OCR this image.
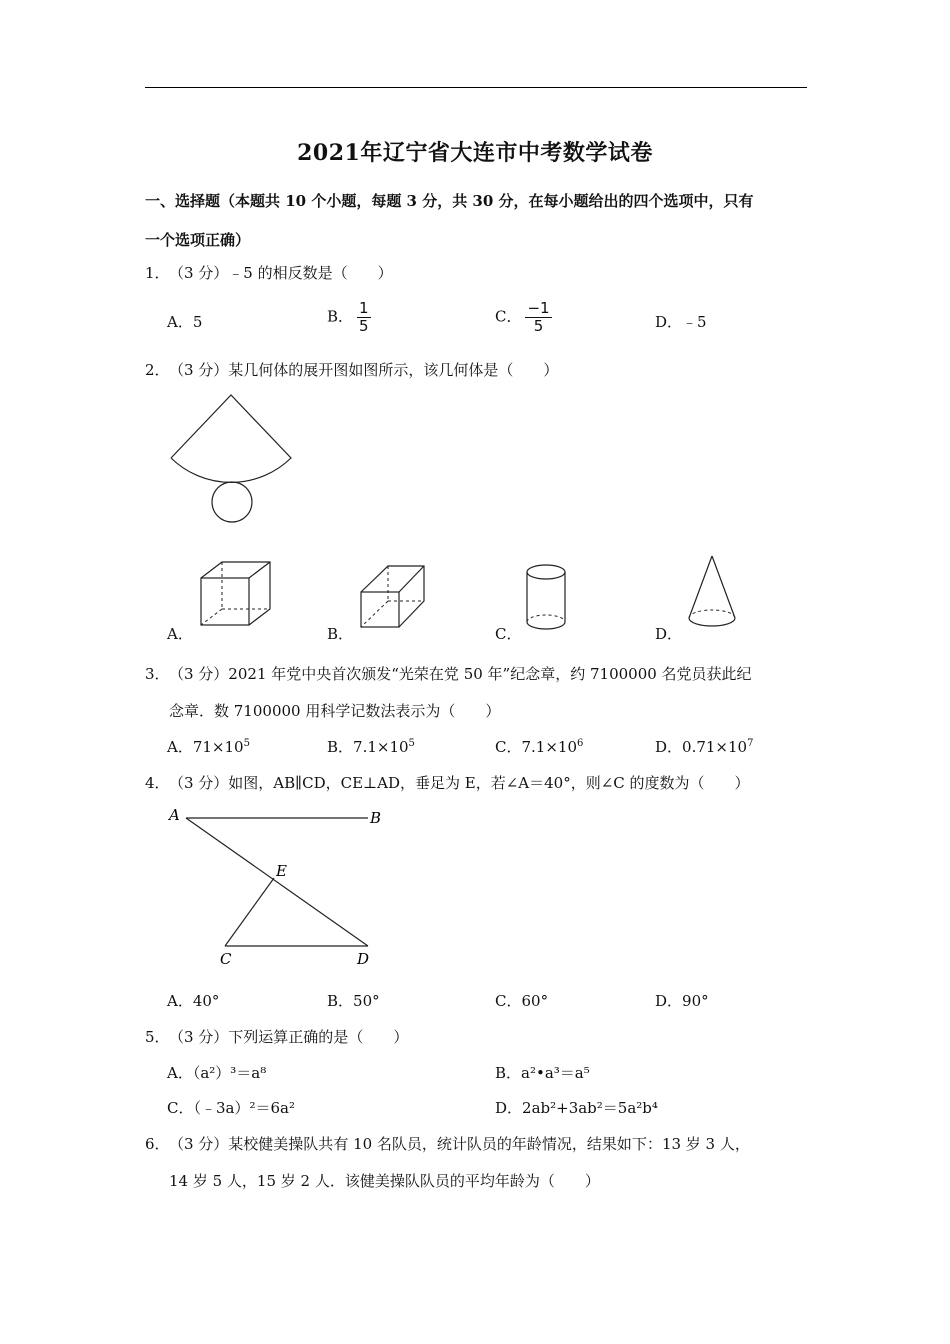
2021年辽宁省大连市中考数学试卷
一、选择题（本题共 10 个小题，每题 3 分，共 30 分，在每小题给出的四个选项中，只有
一个选项正确）
1．（3 分）﹣5 的相反数是（　　）
A．5	B． $\frac{1}{5}$	C． $\frac{-1}{5}$	D．﹣5
2．（3 分）某几何体的展开图如图所示，该几何体是（　　）
A．	B．	C．	D．
3．（3 分）2021 年党中央首次颁发“光荣在党 50 年”纪念章，约 7100000 名党员获此纪
念章．数 7100000 用科学记数法表示为（　　）
A．$71\times 10^5$	B．$7.1\times 10^5$	C．$7.1\times 10^6$	D．$0.71\times 10^7$
4．（3 分）如图，AB∥CD，CE⊥AD，垂足为 E，若∠A＝40°，则∠C 的度数为（　　）
A	B
E
C	D
A．40°	B．50°	C．60°	D．90°
5．（3 分）下列运算正确的是（　　）
A．（a²）³＝a⁸	B．a²•a³＝a⁵
C．（﹣3a）²＝6a²	D．2ab²+3ab²＝5a²b⁴
6．（3 分）某校健美操队共有 10 名队员，统计队员的年龄情况，结果如下：13 岁 3 人，
14 岁 5 人，15 岁 2 人．该健美操队队员的平均年龄为（　　）
